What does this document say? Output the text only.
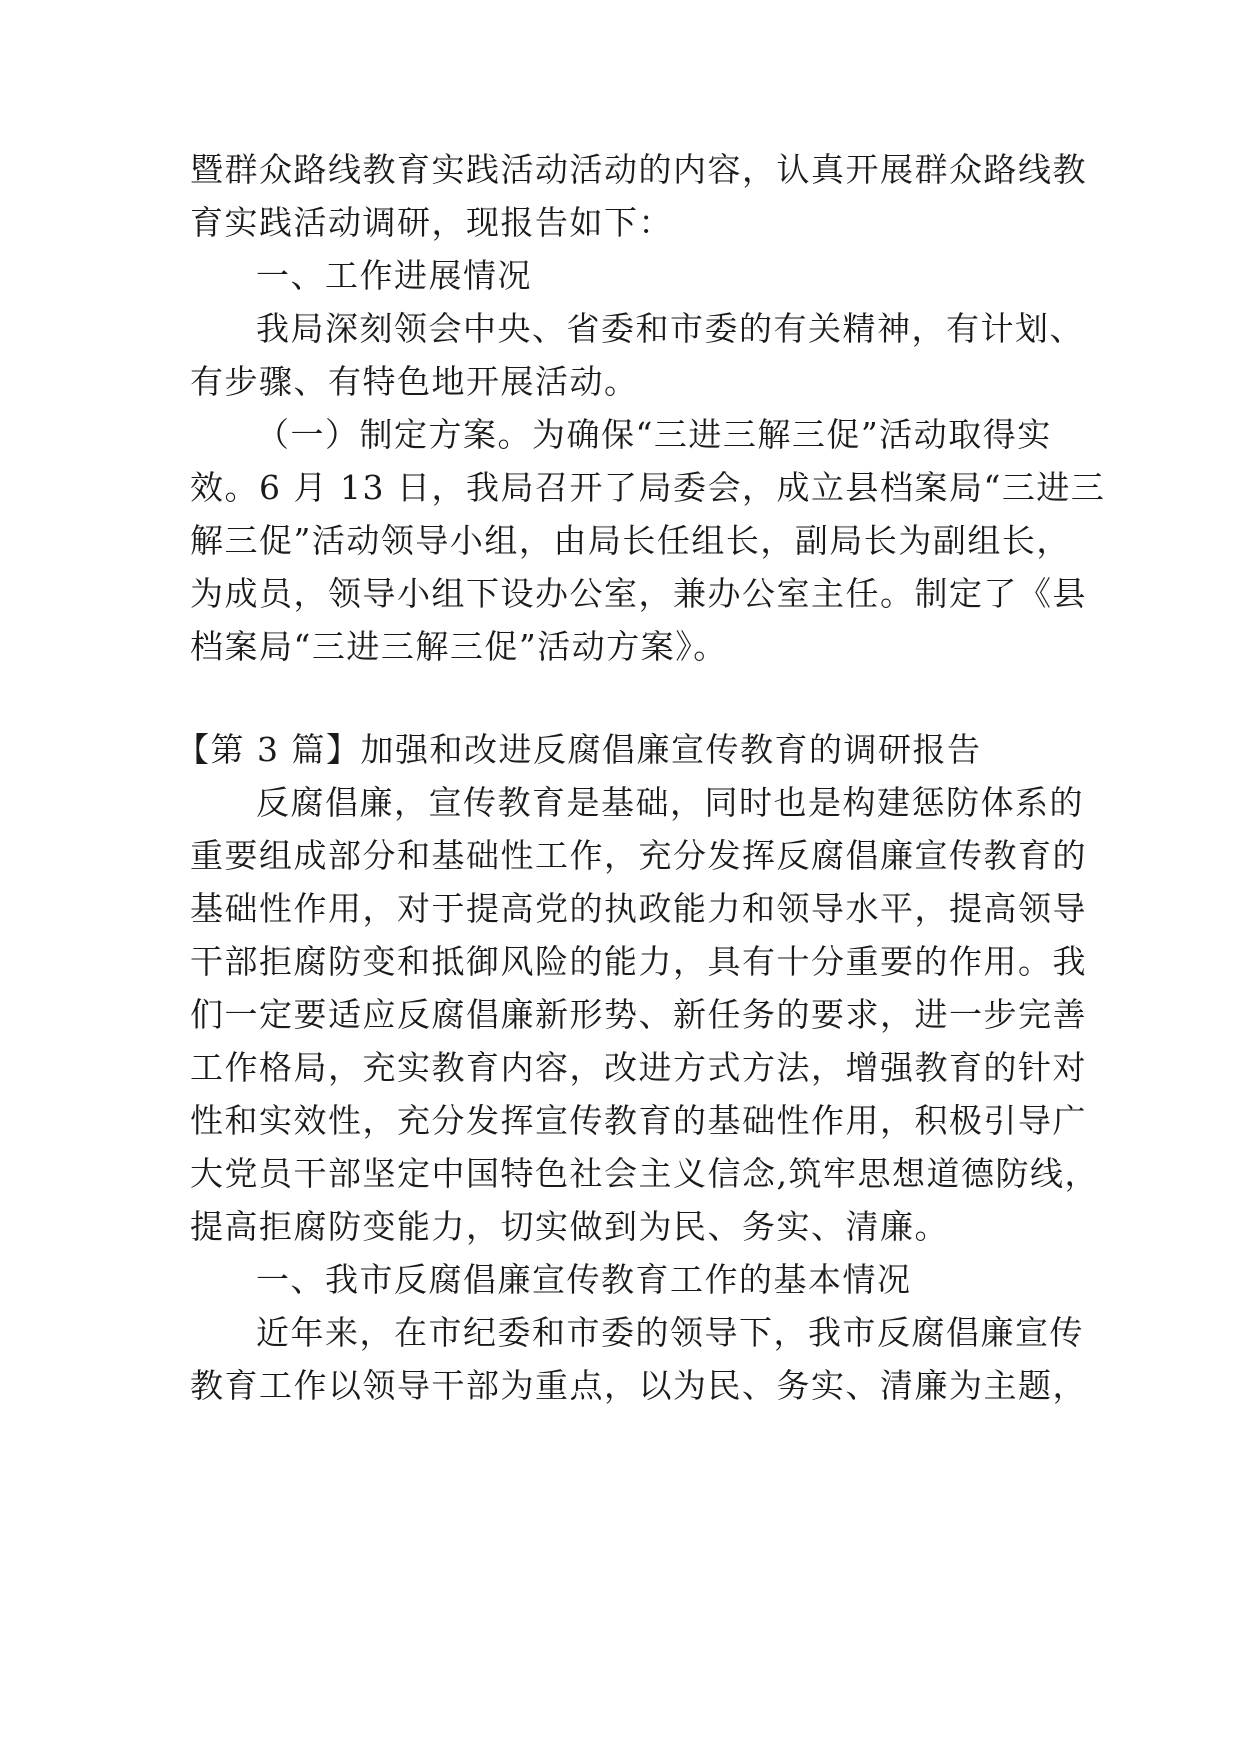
暨群众路线教育实践活动活动的内容，认真开展群众路线教
育实践活动调研，现报告如下：
一、工作进展情况
我局深刻领会中央、省委和市委的有关精神，有计划、
有步骤、有特色地开展活动。
（一）制定方案。为确保“三进三解三促”活动取得实
效。6 月 13 日，我局召开了局委会，成立县档案局“三进三
解三促”活动领导小组，由局长任组长，副局长为副组长，
为成员，领导小组下设办公室，兼办公室主任。制定了《县
档案局“三进三解三促”活动方案》。
【第 3 篇】加强和改进反腐倡廉宣传教育的调研报告
反腐倡廉，宣传教育是基础，同时也是构建惩防体系的
重要组成部分和基础性工作，充分发挥反腐倡廉宣传教育的
基础性作用，对于提高党的执政能力和领导水平，提高领导
干部拒腐防变和抵御风险的能力，具有十分重要的作用。我
们一定要适应反腐倡廉新形势、新任务的要求，进一步完善
工作格局，充实教育内容，改进方式方法，增强教育的针对
性和实效性，充分发挥宣传教育的基础性作用，积极引导广
大党员干部坚定中国特色社会主义信念,筑牢思想道德防线，
提高拒腐防变能力，切实做到为民、务实、清廉。
一、我市反腐倡廉宣传教育工作的基本情况
近年来，在市纪委和市委的领导下，我市反腐倡廉宣传
教育工作以领导干部为重点，以为民、务实、清廉为主题，
